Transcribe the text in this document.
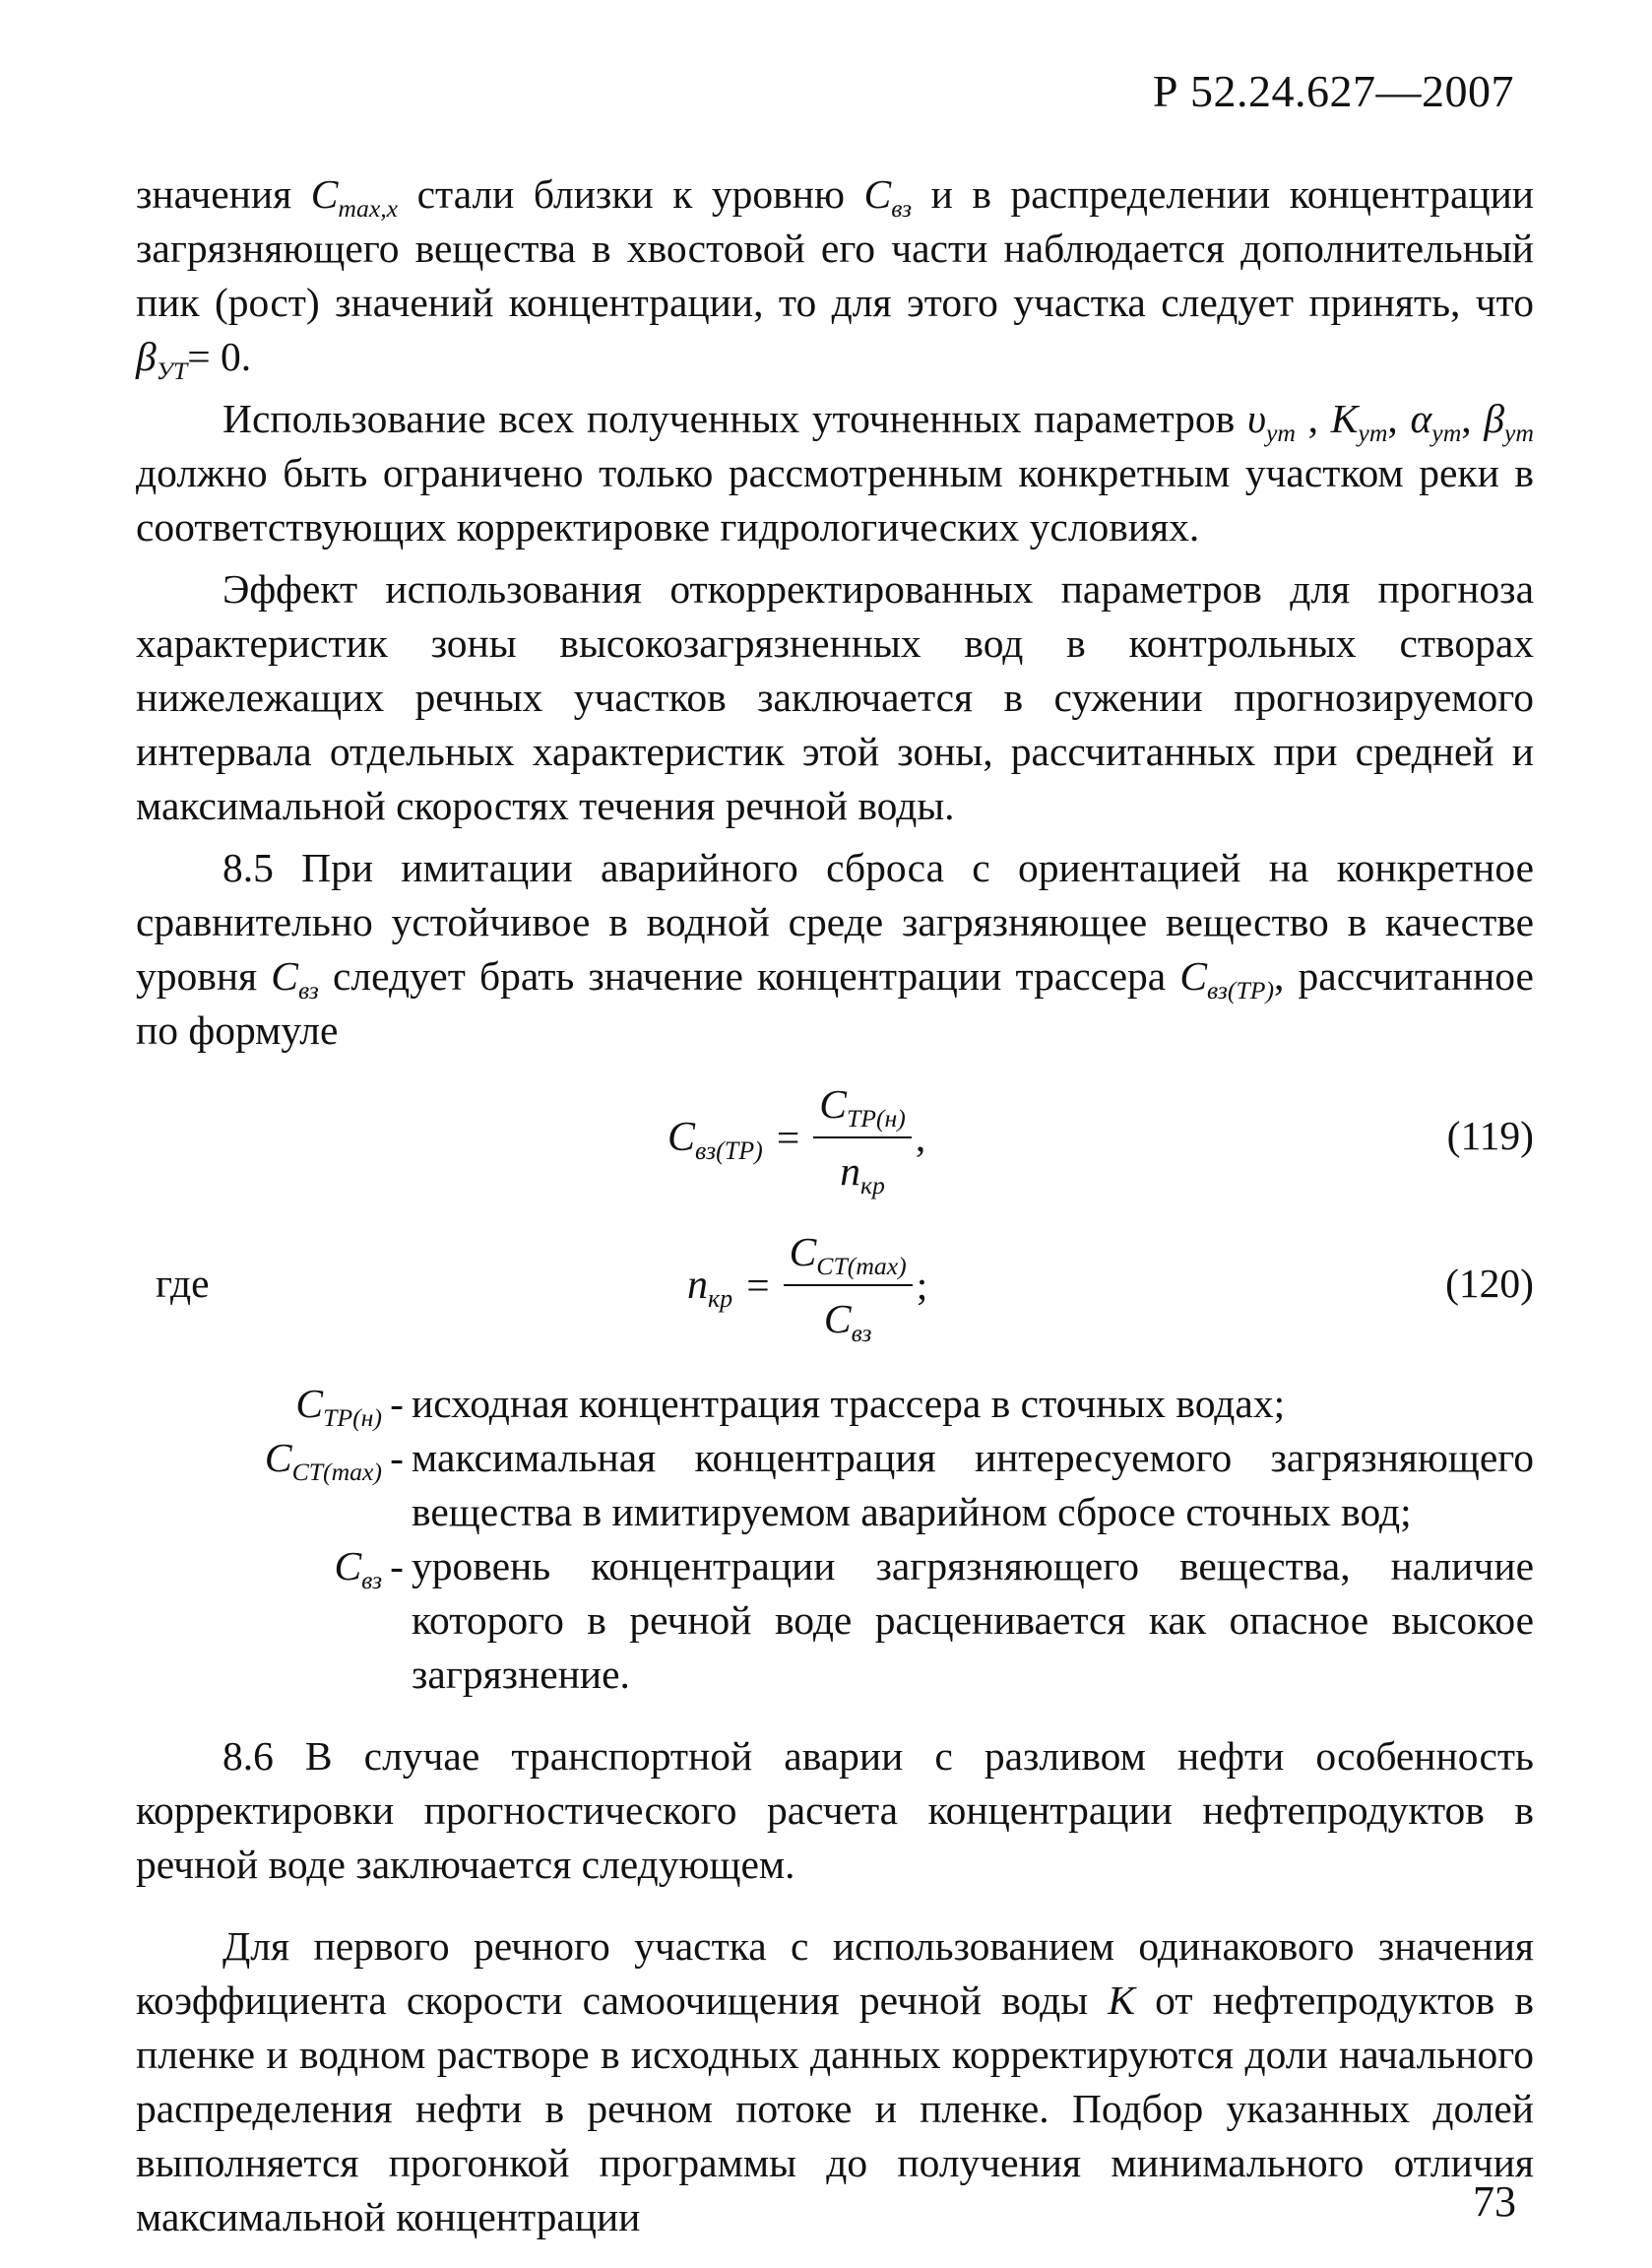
Р 52.24.627—2007

значения $C_{max,x}$ стали близки к уровню $C_{вз}$ и в распределении концентрации загрязняющего вещества в хвостовой его части наблюдается дополнительный пик (рост) значений концентрации, то для этого участка следует принять, что $\beta_{УТ}= 0$.

Использование всех полученных уточненных параметров $\upsilon_{ут}$ , $K_{ут}$, $\alpha_{ут}$, $\beta_{ут}$ должно быть ограничено только рассмотренным конкретным участком реки в соответствующих корректировке гидрологических условиях.

Эффект использования откорректированных параметров для прогноза характеристик зоны высокозагрязненных вод в контрольных створах нижележащих речных участков заключается в сужении прогнозируемого интервала отдельных характеристик этой зоны, рассчитанных при средней и максимальной скоростях течения речной воды.

8.5 При имитации аварийного сброса с ориентацией на конкретное сравнительно устойчивое в водной среде загрязняющее вещество в качестве уровня $C_{вз}$ следует брать значение концентрации трассера $C_{вз(ТР)}$, рассчитанное по формуле

$C_{вз(ТР)} = \frac{C_{ТР(н)}}{n_{кр}}$ ,	(119)
где	$n_{кр} = \frac{C_{СТ(max)}}{C_{вз}}$ ;	(120)
$C_{ТР(н)}$ - исходная концентрация трассера в сточных водах;
$C_{СТ(max)}$ - максимальная концентрация интересуемого загрязняющего вещества в имитируемом аварийном сбросе сточных вод;
$C_{вз}$ - уровень концентрации загрязняющего вещества, наличие которого в речной воде расценивается как опасное высокое загрязнение.

8.6 В случае транспортной аварии с разливом нефти особенность корректировки прогностического расчета концентрации нефтепродуктов в речной воде заключается следующем.

Для первого речного участка с использованием одинакового значения коэффициента скорости самоочищения речной воды K от нефтепродуктов в пленке и водном растворе в исходных данных корректируются доли начального распределения нефти в речном потоке и пленке. Подбор указанных долей выполняется прогонкой программы до получения минимального отличия максимальной концентрации	73
